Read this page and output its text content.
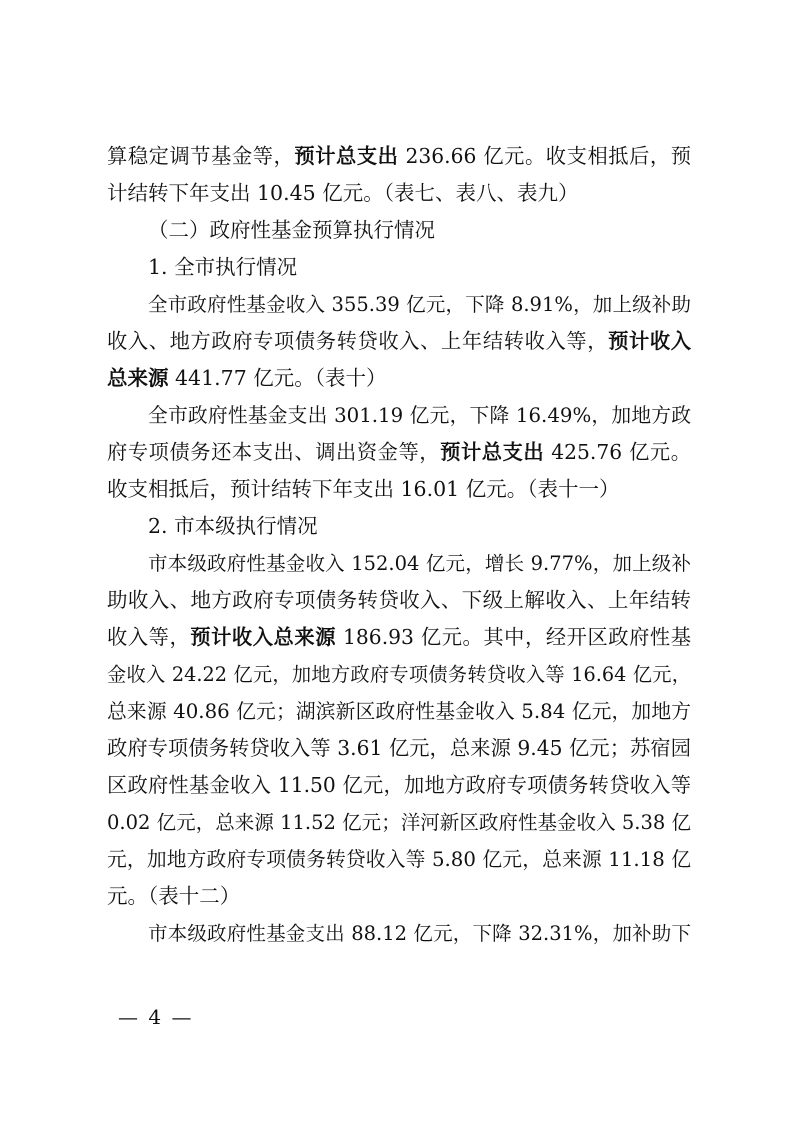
算稳定调节基金等，预计总支出 236.66 亿元。收支相抵后，预
计结转下年支出 10.45 亿元。（表七、表八、表九）
（二）政府性基金预算执行情况
1. 全市执行情况
全市政府性基金收入 355.39 亿元，下降 8.91%，加上级补助
收入、地方政府专项债务转贷收入、上年结转收入等，预计收入
总来源 441.77 亿元。（表十）
全市政府性基金支出 301.19 亿元，下降 16.49%，加地方政
府专项债务还本支出、调出资金等，预计总支出 425.76 亿元。
收支相抵后，预计结转下年支出 16.01 亿元。（表十一）
2. 市本级执行情况
市本级政府性基金收入 152.04 亿元，增长 9.77%，加上级补
助收入、地方政府专项债务转贷收入、下级上解收入、上年结转
收入等，预计收入总来源 186.93 亿元。其中，经开区政府性基
金收入 24.22 亿元，加地方政府专项债务转贷收入等 16.64 亿元，
总来源 40.86 亿元；湖滨新区政府性基金收入 5.84 亿元，加地方
政府专项债务转贷收入等 3.61 亿元，总来源 9.45 亿元；苏宿园
区政府性基金收入 11.50 亿元，加地方政府专项债务转贷收入等
0.02 亿元，总来源 11.52 亿元；洋河新区政府性基金收入 5.38 亿
元，加地方政府专项债务转贷收入等 5.80 亿元，总来源 11.18 亿
元。（表十二）
市本级政府性基金支出 88.12 亿元，下降 32.31%，加补助下
— 4 —
